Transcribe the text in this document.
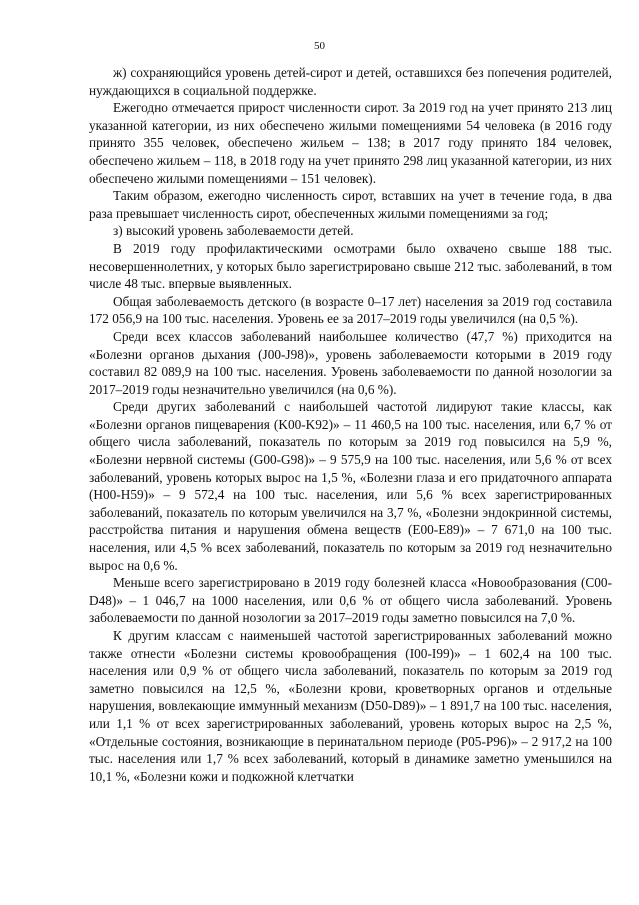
50

ж) сохраняющийся уровень детей-сирот и детей, оставшихся без попечения родителей, нуждающихся в социальной поддержке.

Ежегодно отмечается прирост численности сирот. За 2019 год на учет принято 213 лиц указанной категории, из них обеспечено жилыми помещениями 54 человека (в 2016 году принято 355 человек, обеспечено жильем – 138; в 2017 году принято 184 человек, обеспечено жильем – 118, в 2018 году на учет принято 298 лиц указанной категории, из них обеспечено жилыми помещениями – 151 человек).

Таким образом, ежегодно численность сирот, вставших на учет в течение года, в два раза превышает численность сирот, обеспеченных жилыми помещениями за год;

з) высокий уровень заболеваемости детей.

В 2019 году профилактическими осмотрами было охвачено свыше 188 тыс. несовершеннолетних, у которых было зарегистрировано свыше 212 тыс. заболеваний, в том числе 48 тыс. впервые выявленных.

Общая заболеваемость детского (в возрасте 0–17 лет) населения за 2019 год составила 172 056,9 на 100 тыс. населения. Уровень ее за 2017–2019 годы увеличился (на 0,5 %).

Среди всех классов заболеваний наибольшее количество (47,7 %) приходится на «Болезни органов дыхания (J00-J98)», уровень заболеваемости которыми в 2019 году составил 82 089,9 на 100 тыс. населения. Уровень заболеваемости по данной нозологии за 2017–2019 годы незначительно увеличился (на 0,6 %).

Среди других заболеваний с наибольшей частотой лидируют такие классы, как «Болезни органов пищеварения (K00-K92)» – 11 460,5 на 100 тыс. населения, или 6,7 % от общего числа заболеваний, показатель по которым за 2019 год повысился на 5,9 %, «Болезни нервной системы (G00-G98)» – 9 575,9 на 100 тыс. населения, или 5,6 % от всех заболеваний, уровень которых вырос на 1,5 %, «Болезни глаза и его придаточного аппарата (H00-H59)» – 9 572,4 на 100 тыс. населения, или 5,6 % всех зарегистрированных заболеваний, показатель по которым увеличился на 3,7 %, «Болезни эндокринной системы, расстройства питания и нарушения обмена веществ (E00-E89)» – 7 671,0 на 100 тыс. населения, или 4,5 % всех заболеваний, показатель по которым за 2019 год незначительно вырос на 0,6 %.

Меньше всего зарегистрировано в 2019 году болезней класса «Новообразования (C00-D48)» – 1 046,7 на 1000 населения, или 0,6 % от общего числа заболеваний. Уровень заболеваемости по данной нозологии за 2017–2019 годы заметно повысился на 7,0 %.

К другим классам с наименьшей частотой зарегистрированных заболеваний можно также отнести «Болезни системы кровообращения (I00-I99)» – 1 602,4 на 100 тыс. населения или 0,9 % от общего числа заболеваний, показатель по которым за 2019 год заметно повысился на 12,5 %, «Болезни крови, кроветворных органов и отдельные нарушения, вовлекающие иммунный механизм (D50-D89)» – 1 891,7 на 100 тыс. населения, или 1,1 % от всех зарегистрированных заболеваний, уровень которых вырос на 2,5 %, «Отдельные состояния, возникающие в перинатальном периоде (P05-P96)» – 2 917,2 на 100 тыс. населения или 1,7 % всех заболеваний, который в динамике заметно уменьшился на 10,1 %, «Болезни кожи и подкожной клетчатки
